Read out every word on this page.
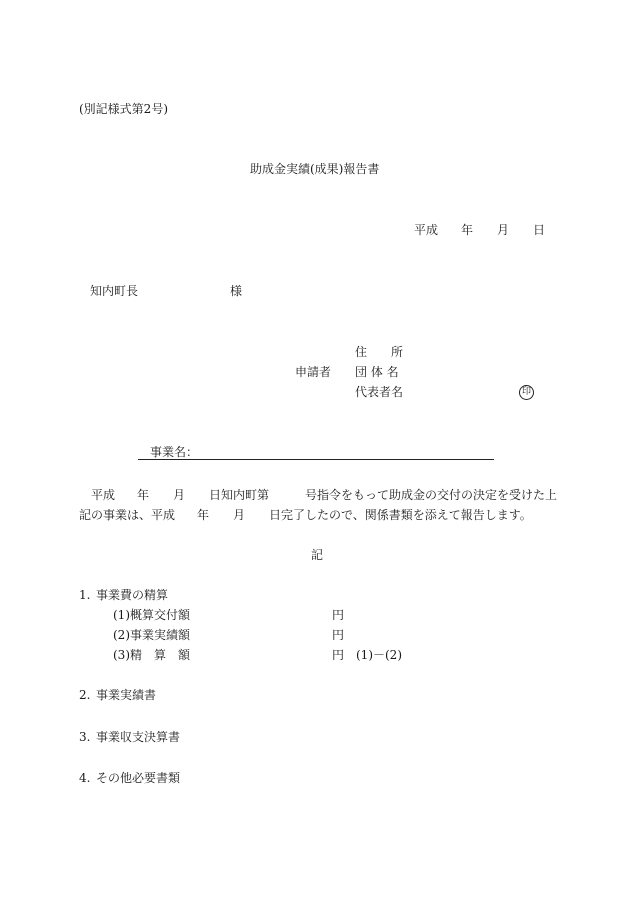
(別記様式第2号)
助成金実績(成果)報告書
平成 年 月 日
知内町長	様
住　　所
申請者 団 体 名
代表者名	印
事業名：
平成 年 月 日知内町第	号指令をもって助成金の交付の決定を受けた上
記の事業は、平成 年 月 日完了したので、関係書類を添えて報告します。
記
1. 事業費の精算
(1)概算交付額	円
(2)事業実績額	円
(3)精　算　額	円 (1)－(2)
2. 事業実績書
3. 事業収支決算書
4. その他必要書類
